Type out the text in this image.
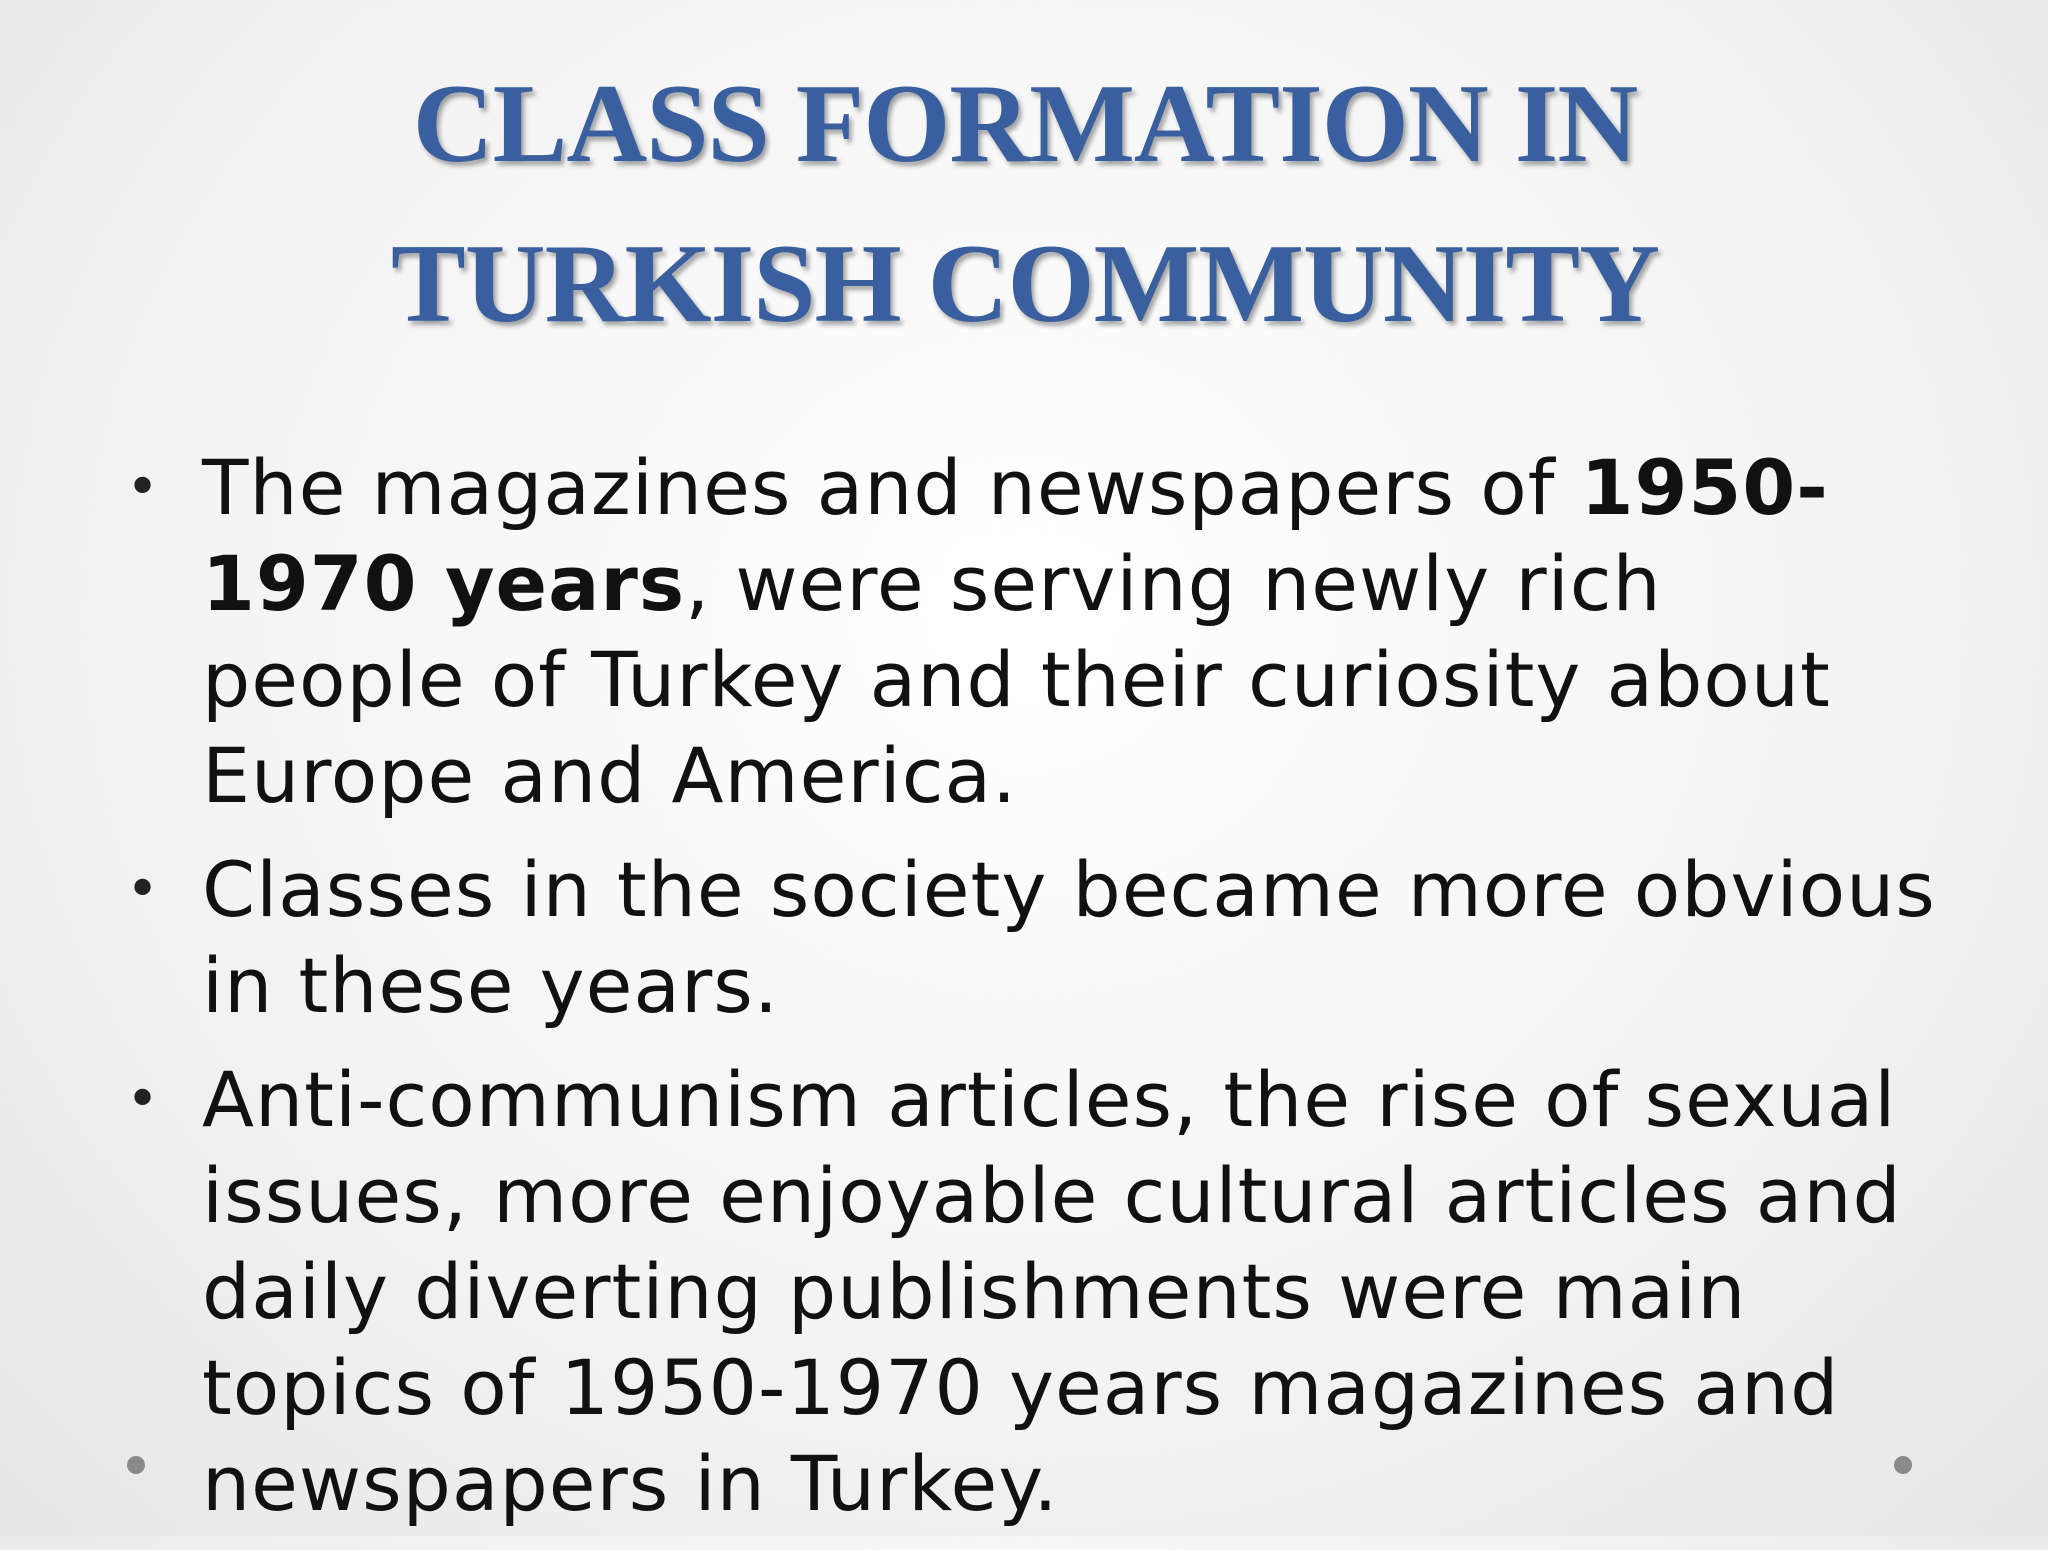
CLASS FORMATION IN
TURKISH COMMUNITY
• The magazines and newspapers of 1950-1970 years, were serving newly rich people of Turkey and their curiosity about Europe and America.
• Classes in the society became more obvious in these years.
• Anti-communism articles, the rise of sexual issues, more enjoyable cultural articles and daily diverting publishments were main topics of 1950-1970 years magazines and newspapers in Turkey.
